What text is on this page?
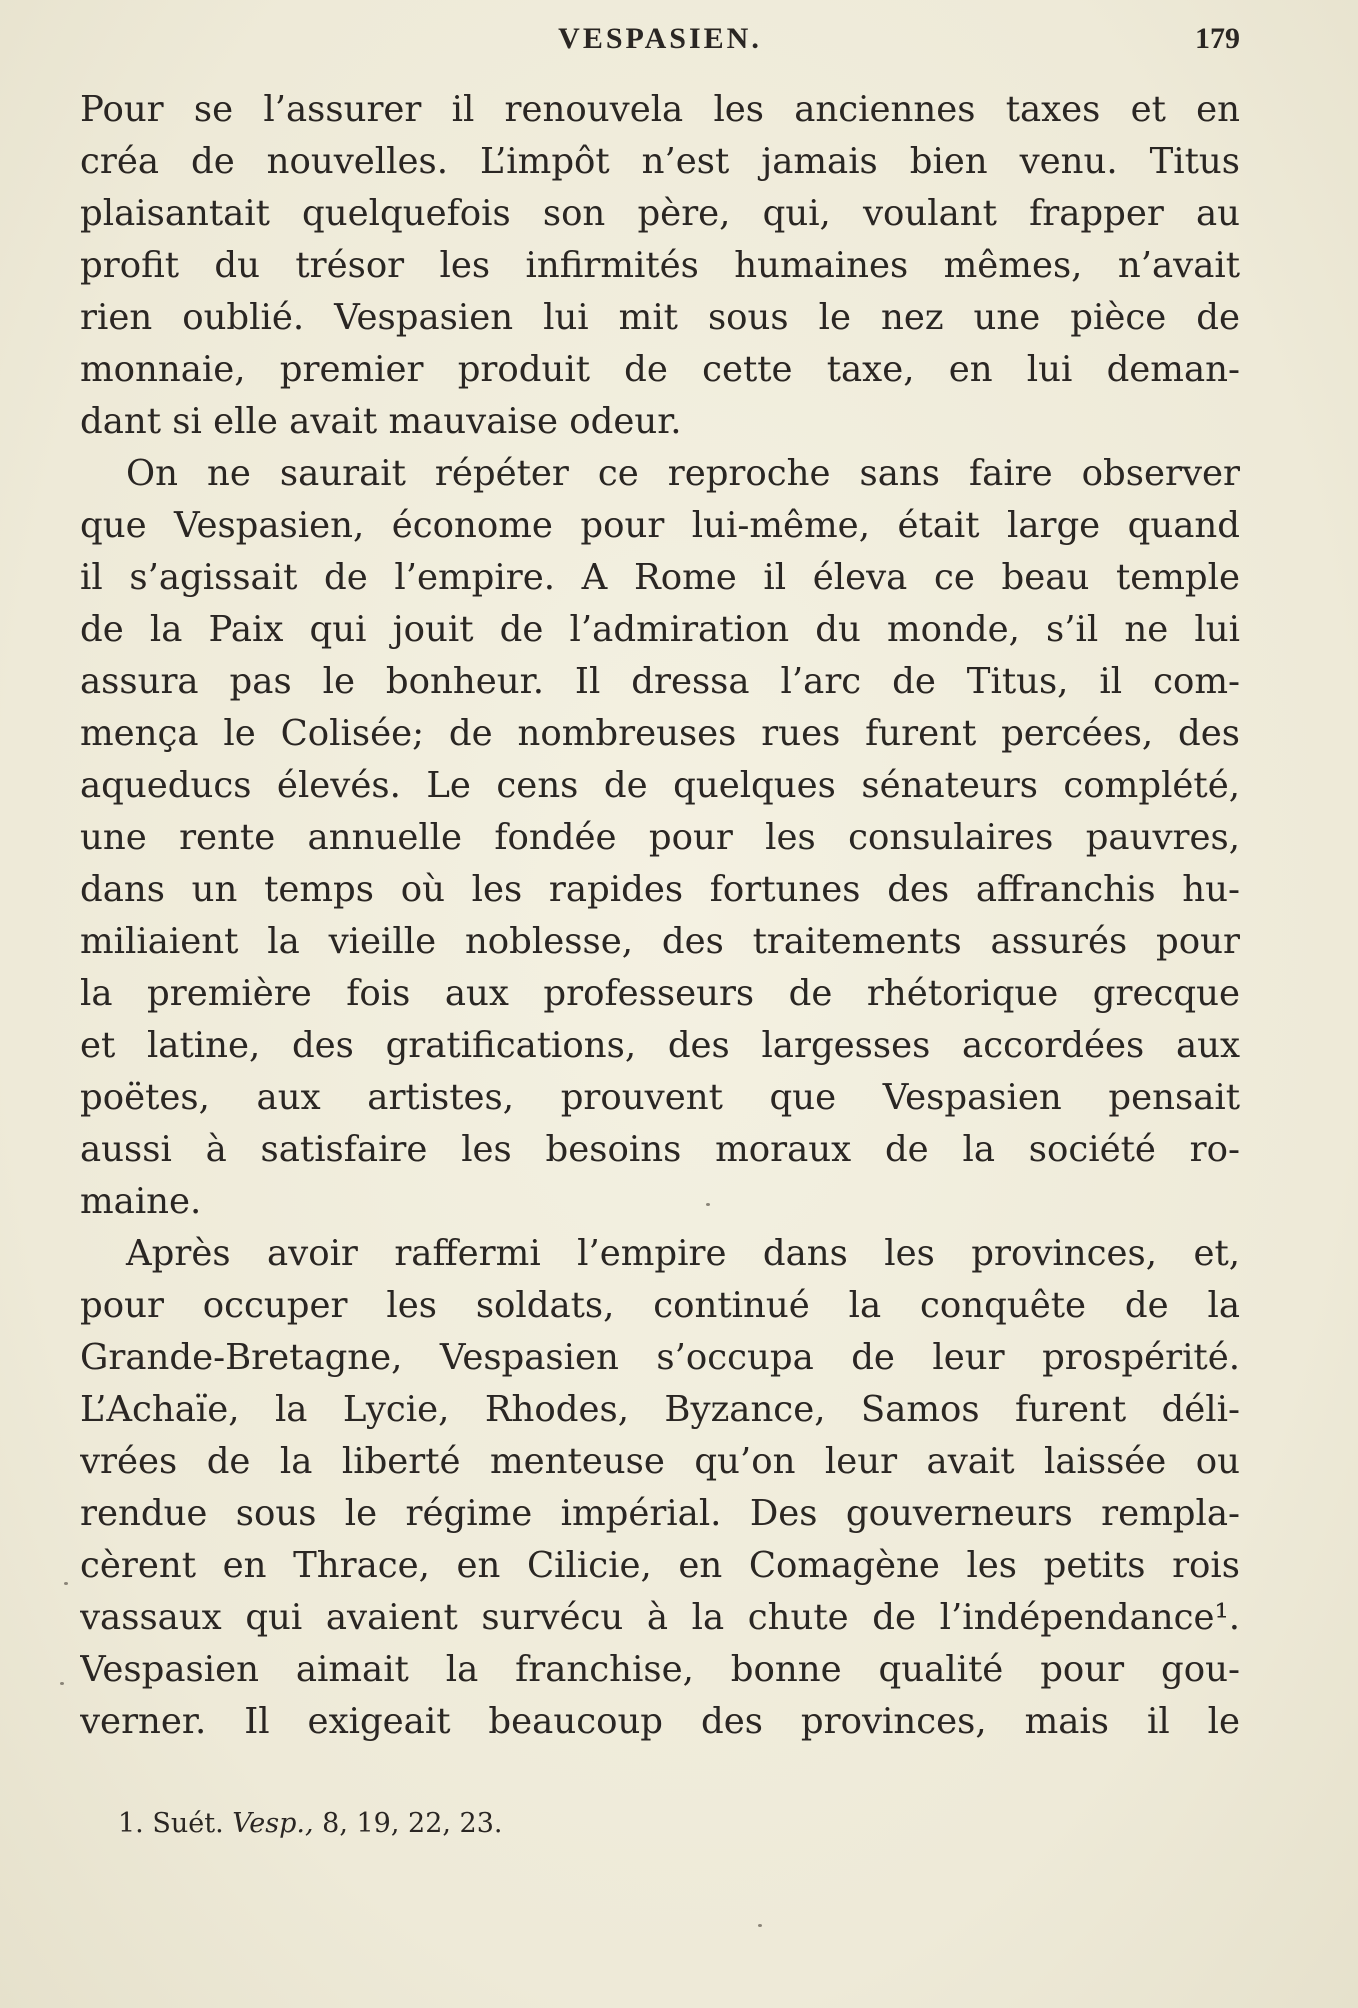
VESPASIEN.	179

Pour se l’assurer il renouvela les anciennes taxes et en
créa de nouvelles. L’impôt n’est jamais bien venu. Titus
plaisantait quelquefois son père, qui, voulant frapper au
profit du trésor les infirmités humaines mêmes, n’avait
rien oublié. Vespasien lui mit sous le nez une pièce de
monnaie, premier produit de cette taxe, en lui deman-
dant si elle avait mauvaise odeur.

On ne saurait répéter ce reproche sans faire observer
que Vespasien, économe pour lui-même, était large quand
il s’agissait de l’empire. A Rome il éleva ce beau temple
de la Paix qui jouit de l’admiration du monde, s’il ne lui
assura pas le bonheur. Il dressa l’arc de Titus, il com-
mença le Colisée; de nombreuses rues furent percées, des
aqueducs élevés. Le cens de quelques sénateurs complété,
une rente annuelle fondée pour les consulaires pauvres,
dans un temps où les rapides fortunes des affranchis hu-
miliaient la vieille noblesse, des traitements assurés pour
la première fois aux professeurs de rhétorique grecque
et latine, des gratifications, des largesses accordées aux
poëtes, aux artistes, prouvent que Vespasien pensait
aussi à satisfaire les besoins moraux de la société ro-
maine.

Après avoir raffermi l’empire dans les provinces, et,
pour occuper les soldats, continué la conquête de la
Grande-Bretagne, Vespasien s’occupa de leur prospérité.
L’Achaïe, la Lycie, Rhodes, Byzance, Samos furent déli-
vrées de la liberté menteuse qu’on leur avait laissée ou
rendue sous le régime impérial. Des gouverneurs rempla-
cèrent en Thrace, en Cilicie, en Comagène les petits rois
vassaux qui avaient survécu à la chute de l’indépendance¹.
Vespasien aimait la franchise, bonne qualité pour gou-
verner. Il exigeait beaucoup des provinces, mais il le

1. Suét. Vesp., 8, 19, 22, 23.
